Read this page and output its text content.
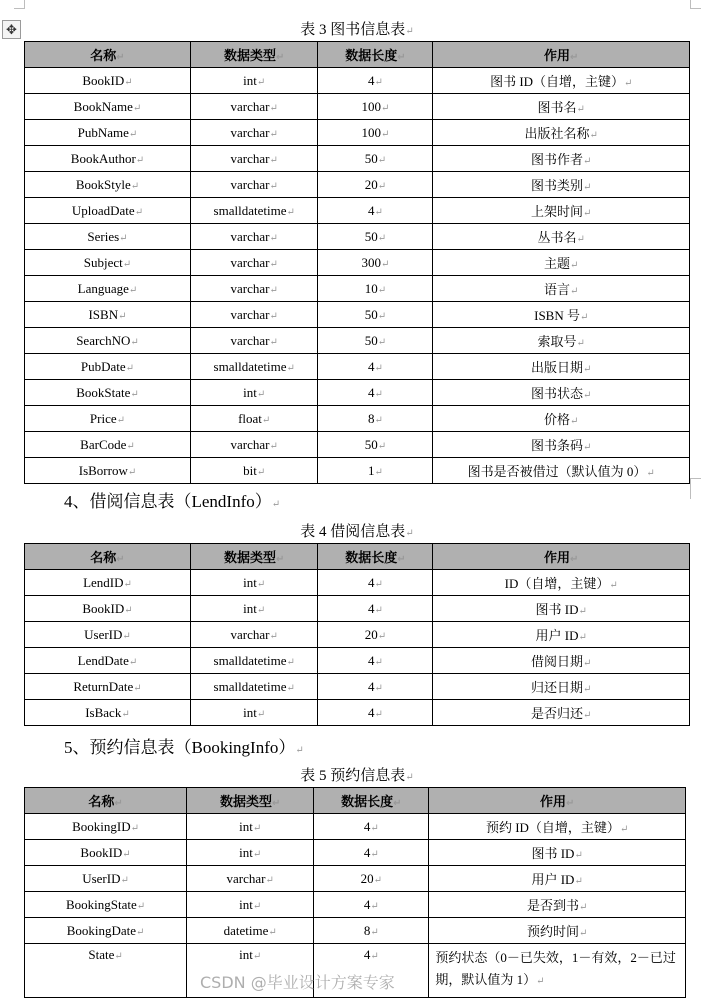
✥	表 3 图书信息表 ↵
名称 ↵	数据类型 ↵	数据长度 ↵	作用 ↵
BookID ↵	int ↵	4 ↵	图书 ID（自增，主键） ↵
BookName ↵	varchar ↵	100 ↵	图书名 ↵
PubName ↵	varchar ↵	100 ↵	出版社名称 ↵
BookAuthor ↵	varchar ↵	50 ↵	图书作者 ↵
BookStyle ↵	varchar ↵	20 ↵	图书类别 ↵
UploadDate ↵	smalldatetime ↵	4 ↵	上架时间 ↵
Series ↵	varchar ↵	50 ↵	丛书名 ↵
Subject ↵	varchar ↵	300 ↵	主题 ↵
Language ↵	varchar ↵	10 ↵	语言 ↵
ISBN ↵	varchar ↵	50 ↵	ISBN 号 ↵
SearchNO ↵	varchar ↵	50 ↵	索取号 ↵
PubDate ↵	smalldatetime ↵	4 ↵	出版日期 ↵
BookState ↵	int ↵	4 ↵	图书状态 ↵
Price ↵	float ↵	8 ↵	价格 ↵
BarCode ↵	varchar ↵	50 ↵	图书条码 ↵
IsBorrow ↵	bit ↵	1 ↵	图书是否被借过（默认值为 0） ↵
4、借阅信息表（LendInfo） ↵
表 4 借阅信息表 ↵
名称 ↵	数据类型 ↵	数据长度 ↵	作用 ↵
LendID ↵	int ↵	4 ↵	ID（自增，主键） ↵
BookID ↵	int ↵	4 ↵	图书 ID ↵
UserID ↵	varchar ↵	20 ↵	用户 ID ↵
LendDate ↵	smalldatetime ↵	4 ↵	借阅日期 ↵
ReturnDate ↵	smalldatetime ↵	4 ↵	归还日期 ↵
IsBack ↵	int ↵	4 ↵	是否归还 ↵
5、预约信息表（BookingInfo） ↵
表 5 预约信息表 ↵
名称 ↵	数据类型 ↵	数据长度 ↵	作用 ↵
BookingID ↵	int ↵	4 ↵	预约 ID（自增，主键） ↵
BookID ↵	int ↵	4 ↵	图书 ID ↵
UserID ↵	varchar ↵	20 ↵	用户 ID ↵
BookingState ↵	int ↵	4 ↵	是否到书 ↵
BookingDate ↵	datetime ↵	8 ↵	预约时间 ↵
State ↵	int ↵	4 ↵	预约状态（0－已失效，1－有效，2－已过期，默认值为 1） ↵
CSDN @毕业设计方案专家
